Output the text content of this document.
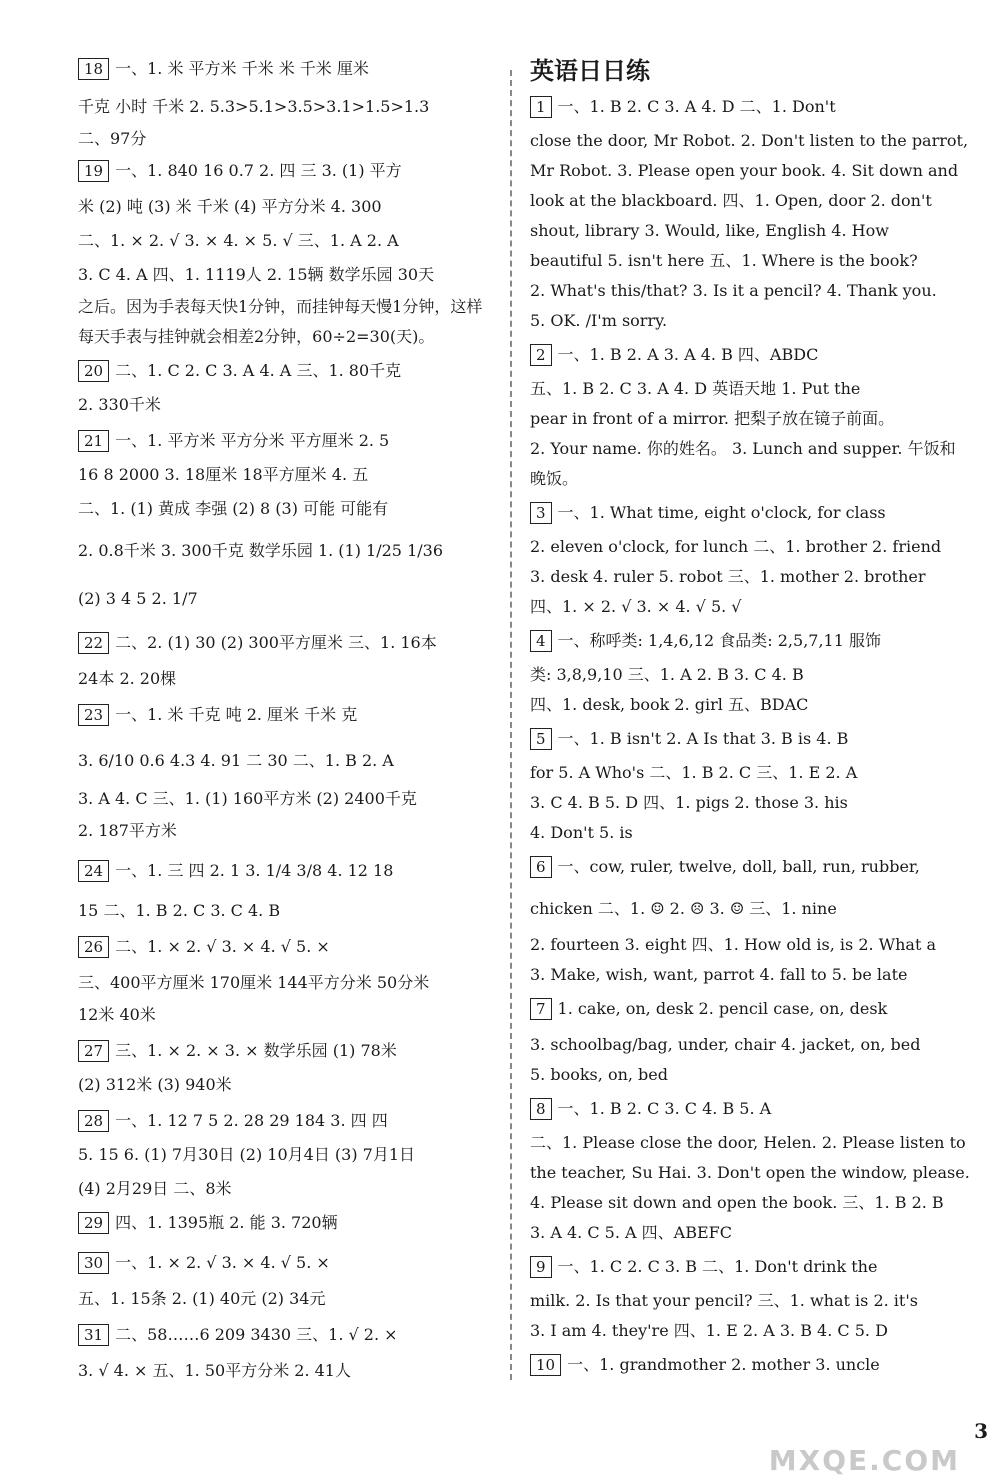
18 一、1. 米 平方米 千米 米 千米 厘米
千克 小时 千米 2. 5.3>5.1>3.5>3.1>1.5>1.3
二、97分
19 一、1. 840 16 0.7 2. 四 三 3. (1) 平方
米 (2) 吨 (3) 米 千米 (4) 平方分米 4. 300
二、1. × 2. √ 3. × 4. × 5. √ 三、1. A 2. A
3. C 4. A 四、1. 1119人 2. 15辆 数学乐园 30天
之后。因为手表每天快1分钟，而挂钟每天慢1分钟，这样
每天手表与挂钟就会相差2分钟，60÷2=30(天)。
20 二、1. C 2. C 3. A 4. A 三、1. 80千克
2. 330千米
21 一、1. 平方米 平方分米 平方厘米 2. 5
16 8 2000 3. 18厘米 18平方厘米 4. 五
二、1. (1) 黄成 李强 (2) 8 (3) 可能 可能有
2. 0.8千米 3. 300千克 数学乐园 1. (1) 1/25 1/36
(2) 3 4 5 2. 1/7
22 二、2. (1) 30 (2) 300平方厘米 三、1. 16本
24本 2. 20棵
23 一、1. 米 千克 吨 2. 厘米 千米 克
3. 6/10 0.6 4.3 4. 91 二 30 二、1. B 2. A
3. A 4. C 三、1. (1) 160平方米 (2) 2400千克
2. 187平方米
24 一、1. 三 四 2. 1 3. 1/4 3/8 4. 12 18
15 二、1. B 2. C 3. C 4. B
26 二、1. × 2. √ 3. × 4. √ 5. ×
三、400平方厘米 170厘米 144平方分米 50分米
12米 40米
27 三、1. × 2. × 3. × 数学乐园 (1) 78米
(2) 312米 (3) 940米
28 一、1. 12 7 5 2. 28 29 184 3. 四 四
5. 15 6. (1) 7月30日 (2) 10月4日 (3) 7月1日
(4) 2月29日 二、8米
29 四、1. 1395瓶 2. 能 3. 720辆
30 一、1. × 2. √ 3. × 4. √ 5. ×
五、1. 15条 2. (1) 40元 (2) 34元
31 二、58……6 209 3430 三、1. √ 2. ×
3. √ 4. × 五、1. 50平方分米 2. 41人
英语日日练
1 一、1. B 2. C 3. A 4. D 二、1. Don't
close the door, Mr Robot. 2. Don't listen to the parrot,
Mr Robot. 3. Please open your book. 4. Sit down and
look at the blackboard. 四、1. Open, door 2. don't
shout, library 3. Would, like, English 4. How
beautiful 5. isn't here 五、1. Where is the book?
2. What's this/that? 3. Is it a pencil? 4. Thank you.
5. OK. /I'm sorry.
2 一、1. B 2. A 3. A 4. B 四、ABDC
五、1. B 2. C 3. A 4. D 英语天地 1. Put the
pear in front of a mirror. 把梨子放在镜子前面。
2. Your name. 你的姓名。 3. Lunch and supper. 午饭和
晚饭。
3 一、1. What time, eight o'clock, for class
2. eleven o'clock, for lunch 二、1. brother 2. friend
3. desk 4. ruler 5. robot 三、1. mother 2. brother
四、1. × 2. √ 3. × 4. √ 5. √
4 一、称呼类: 1,4,6,12 食品类: 2,5,7,11 服饰
类: 3,8,9,10 三、1. A 2. B 3. C 4. B
四、1. desk, book 2. girl 五、BDAC
5 一、1. B isn't 2. A Is that 3. B is 4. B
for 5. A Who's 二、1. B 2. C 三、1. E 2. A
3. C 4. B 5. D 四、1. pigs 2. those 3. his
4. Don't 5. is
6 一、cow, ruler, twelve, doll, ball, run, rubber,
chicken 二、1. ☺ 2. ☹ 3. ☺ 三、1. nine
2. fourteen 3. eight 四、1. How old is, is 2. What a
3. Make, wish, want, parrot 4. fall to 5. be late
7 1. cake, on, desk 2. pencil case, on, desk
3. schoolbag/bag, under, chair 4. jacket, on, bed
5. books, on, bed
8 一、1. B 2. C 3. C 4. B 5. A
二、1. Please close the door, Helen. 2. Please listen to
the teacher, Su Hai. 3. Don't open the window, please.
4. Please sit down and open the book. 三、1. B 2. B
3. A 4. C 5. A 四、ABEFC
9 一、1. C 2. C 3. B 二、1. Don't drink the
milk. 2. Is that your pencil? 三、1. what is 2. it's
3. I am 4. they're 四、1. E 2. A 3. B 4. C 5. D
10 一、1. grandmother 2. mother 3. uncle
3
MXQE.COM
